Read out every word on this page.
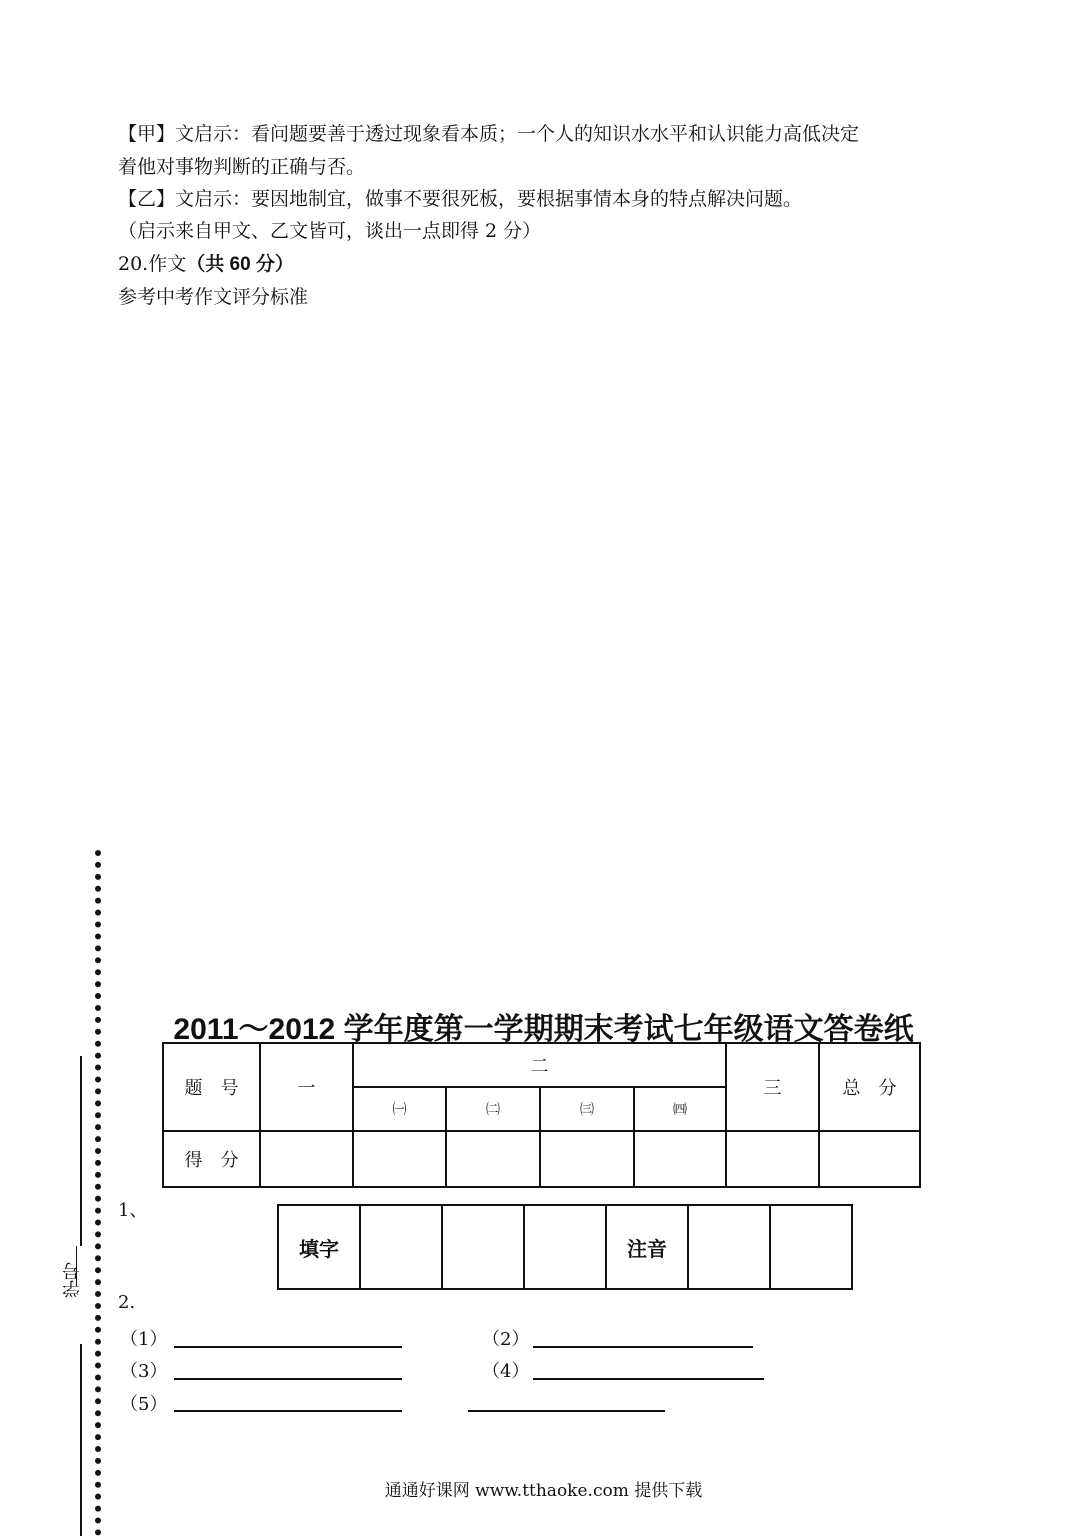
【甲】文启示：看问题要善于透过现象看本质；一个人的知识水水平和认识能力高低决定
着他对事物判断的正确与否。
【乙】文启示：要因地制宜，做事不要很死板，要根据事情本身的特点解决问题。
（启示来自甲文、乙文皆可，谈出一点即得 2 分）
20.作文（共 60 分）
参考中考作文评分标准
学号
2011～2012 学年度第一学期期末考试七年级语文答卷纸
题　号	一	二				三	总　分
		㈠	㈡	㈢	㈣		
得　分							
1、
填字				注音		
2.
（1）	（2）
（3）	（4）
（5）
通通好课网 www.tthaoke.com 提供下载
